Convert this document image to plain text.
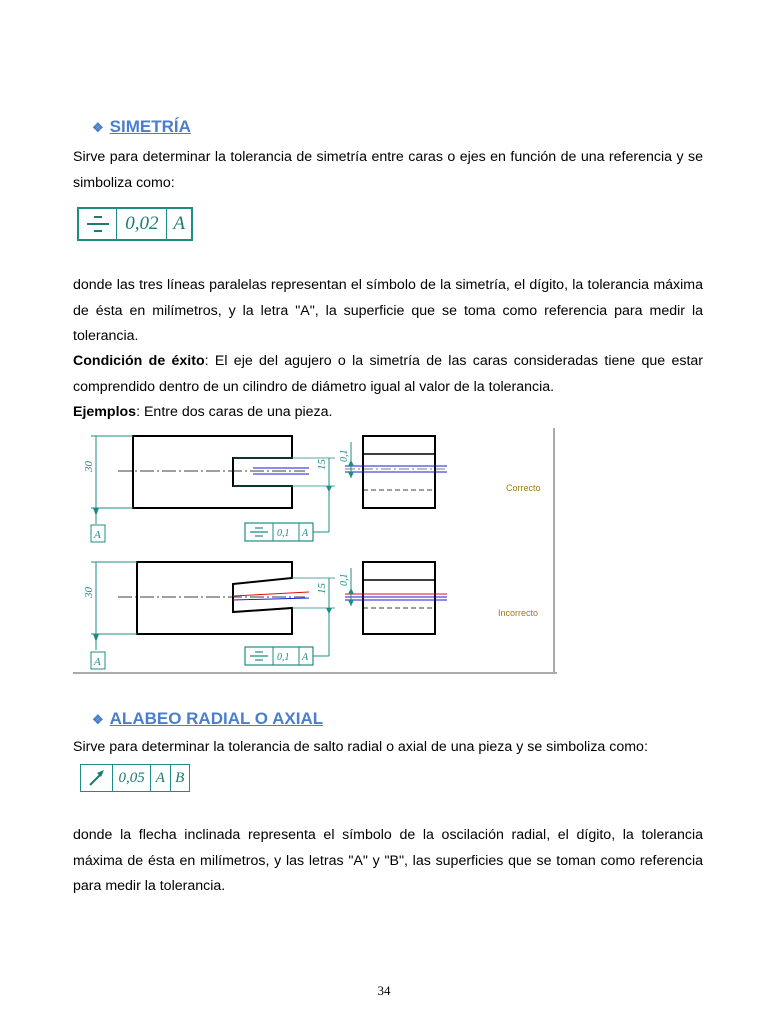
❖ SIMETRÍA
Sirve para determinar la tolerancia de simetría entre caras o ejes en función de una referencia y se simboliza como:
0,02 A
donde las tres líneas paralelas representan el símbolo de la simetría, el dígito, la tolerancia máxima de ésta en milímetros, y la letra "A", la superficie que se toma como referencia para medir la tolerancia.
Condición de éxito: El eje del agujero o la simetría de las caras consideradas tiene que estar comprendido dentro de un cilindro de diámetro igual al valor de la tolerancia.
Ejemplos: Entre dos caras de una pieza.
30	15
A	0,1 A
0,1
Correcto
30	15
A	0,1 A
0,1
Incorrecto
❖ ALABEO RADIAL O AXIAL
Sirve para determinar la tolerancia de salto radial o axial de una pieza y se simboliza como:
0,05 A B
donde la flecha inclinada representa el símbolo de la oscilación radial, el dígito, la tolerancia máxima de ésta en milímetros, y las letras "A" y "B", las superficies que se toman como referencia para medir la tolerancia.
34
